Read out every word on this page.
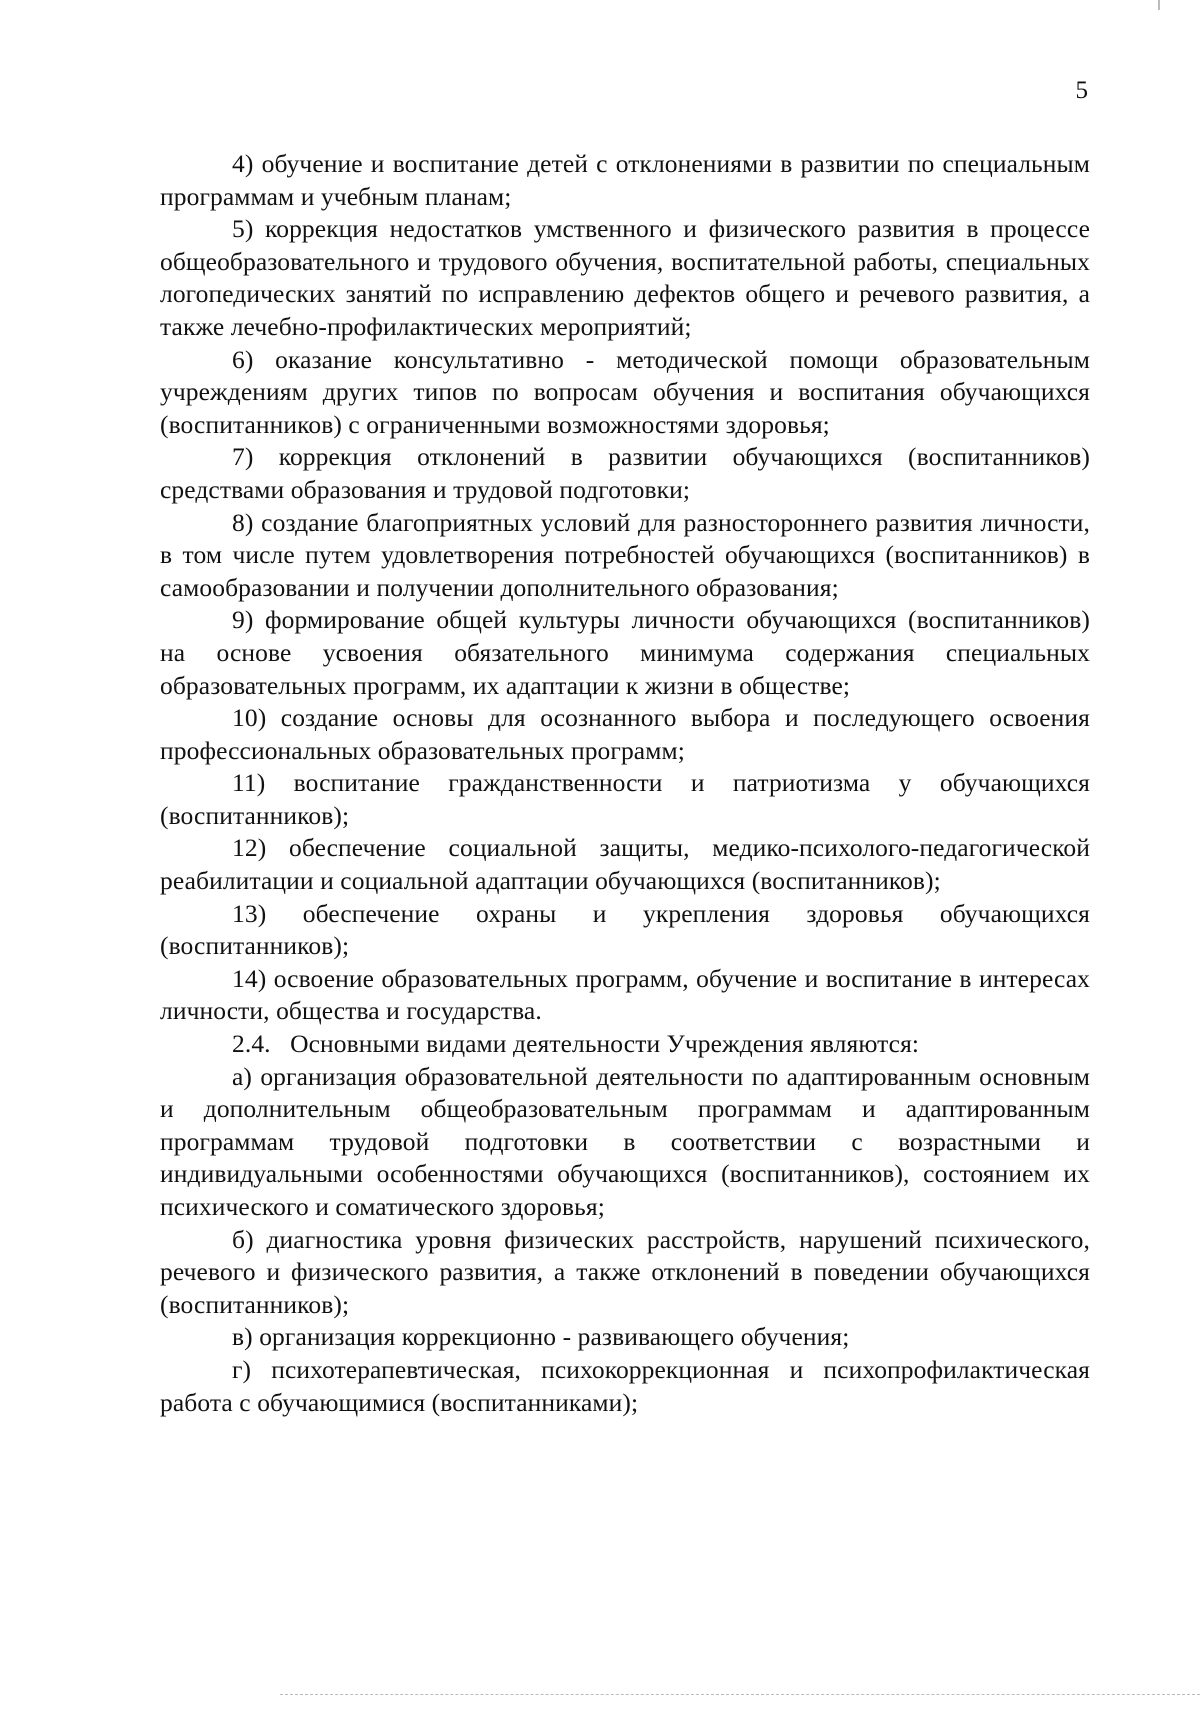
5

4) обучение и воспитание детей с отклонениями в развитии по специальным программам и учебным планам;

5) коррекция недостатков умственного и физического развития в процессе общеобразовательного и трудового обучения, воспитательной работы, специальных логопедических занятий по исправлению дефектов общего и речевого развития, а также лечебно-профилактических мероприятий;

6) оказание консультативно - методической помощи образовательным учреждениям других типов по вопросам обучения и воспитания обучающихся (воспитанников) с ограниченными возможностями здоровья;

7) коррекция отклонений в развитии обучающихся (воспитанников) средствами образования и трудовой подготовки;

8) создание благоприятных условий для разностороннего развития личности, в том числе путем удовлетворения потребностей обучающихся (воспитанников) в самообразовании и получении дополнительного образования;

9) формирование общей культуры личности обучающихся (воспитанников) на основе усвоения обязательного минимума содержания специальных образовательных программ, их адаптации к жизни в обществе;

10) создание основы для осознанного выбора и последующего освоения профессиональных образовательных программ;

11) воспитание гражданственности и патриотизма у обучающихся (воспитанников);

12) обеспечение социальной защиты, медико-психолого-педагогической реабилитации и социальной адаптации обучающихся (воспитанников);

13) обеспечение охраны и укрепления здоровья обучающихся (воспитанников);

14) освоение образовательных программ, обучение и воспитание в интересах личности, общества и государства.

2.4.   Основными видами деятельности Учреждения являются:

а) организация образовательной деятельности по адаптированным основным и дополнительным общеобразовательным программам и адаптированным программам трудовой подготовки в соответствии с возрастными и индивидуальными особенностями обучающихся (воспитанников), состоянием их психического и соматического здоровья;

б) диагностика уровня физических расстройств, нарушений психического, речевого и физического развития, а также отклонений в поведении обучающихся (воспитанников);

в) организация коррекционно - развивающего обучения;

г) психотерапевтическая, психокоррекционная и психопрофилактическая работа с обучающимися (воспитанниками);
